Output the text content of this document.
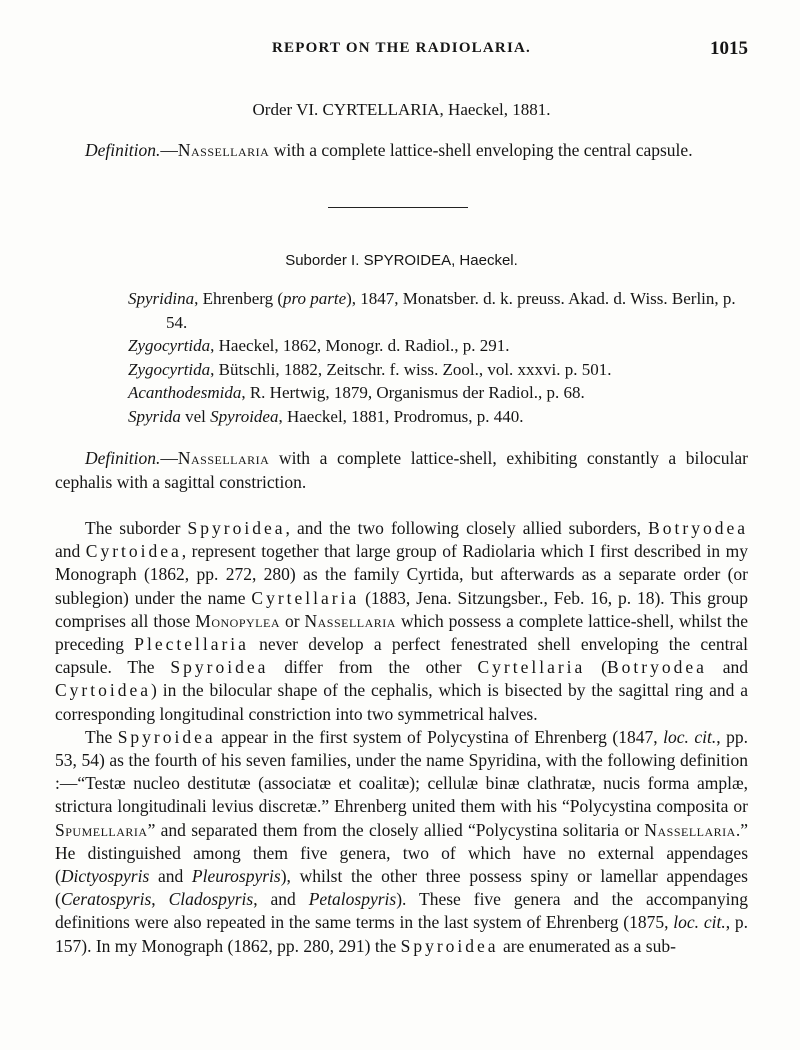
REPORT ON THE RADIOLARIA.	1015
Order VI. CYRTELLARIA, Haeckel, 1881.
Definition.—Nassellaria with a complete lattice-shell enveloping the central capsule.
Suborder I. SPYROIDEA, Haeckel.
Spyridina, Ehrenberg (pro parte), 1847, Monatsber. d. k. preuss. Akad. d. Wiss. Berlin, p. 54.
Zygocyrtida, Haeckel, 1862, Monogr. d. Radiol., p. 291.
Zygocyrtida, Bütschli, 1882, Zeitschr. f. wiss. Zool., vol. xxxvi. p. 501.
Acanthodesmida, R. Hertwig, 1879, Organismus der Radiol., p. 68.
Spyrida vel Spyroidea, Haeckel, 1881, Prodromus, p. 440.
Definition.—Nassellaria with a complete lattice-shell, exhibiting constantly a bilocular cephalis with a sagittal constriction.

The suborder Spyroidea, and the two following closely allied suborders, Botryodea and Cyrtoidea, represent together that large group of Radiolaria which I first described in my Monograph (1862, pp. 272, 280) as the family Cyrtida, but afterwards as a separate order (or sublegion) under the name Cyrtellaria (1883, Jena. Sitzungsber., Feb. 16, p. 18). This group comprises all those Monopylea or Nassellaria which possess a complete lattice-shell, whilst the preceding Plectellaria never develop a perfect fenestrated shell enveloping the central capsule. The Spyroidea differ from the other Cyrtellaria (Botryodea and Cyrtoidea) in the bilocular shape of the cephalis, which is bisected by the sagittal ring and a corresponding longitudinal constriction into two symmetrical halves.

The Spyroidea appear in the first system of Polycystina of Ehrenberg (1847, loc. cit., pp. 53, 54) as the fourth of his seven families, under the name Spyridina, with the following definition :—“Testæ nucleo destitutæ (associatæ et coalitæ); cellulæ binæ clathratæ, nucis forma amplæ, strictura longitudinali levius discretæ.” Ehrenberg united them with his “Polycystina composita or Spumellaria” and separated them from the closely allied “Polycystina solitaria or Nassellaria.” He distinguished among them five genera, two of which have no external appendages (Dictyospyris and Pleurospyris), whilst the other three possess spiny or lamellar appendages (Ceratospyris, Cladospyris, and Petalospyris). These five genera and the accompanying definitions were also repeated in the same terms in the last system of Ehrenberg (1875, loc. cit., p. 157). In my Monograph (1862, pp. 280, 291) the Spyroidea are enumerated as a sub-
